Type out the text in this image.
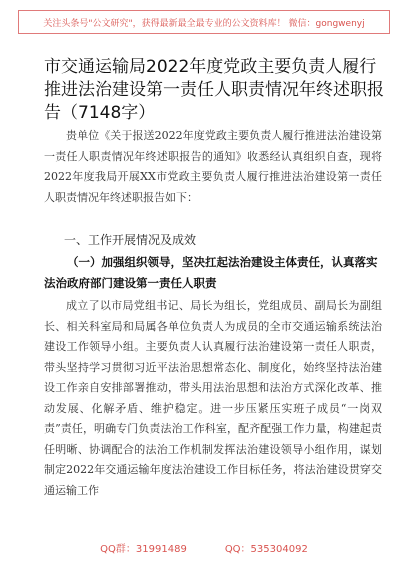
关注头条号"公文研究"，获得最新最全最专业的公文资料库！ 微信：gongwenyj
市交通运输局2022年度党政主要负责人履行推进法治建设第一责任人职责情况年终述职报告（7148字）
贵单位《关于报送2022年度党政主要负责人履行推进法治建设第一责任人职责情况年终述职报告的通知》收悉经认真组织自查，现将2022年度我局开展XX市党政主要负责人履行推进法治建设第一责任人职责情况年终述职报告如下：
一、工作开展情况及成效
（一）加强组织领导，坚决扛起法治建设主体责任，认真落实法治政府部门建设第一责任人职责
成立了以市局党组书记、局长为组长，党组成员、副局长为副组长、相关科室局和局属各单位负责人为成员的全市交通运输系统法治建设工作领导小组。主要负责人认真履行法治建设第一责任人职责，带头坚持学习贯彻习近平法治思想常态化、制度化，始终坚持法治建设工作亲自安排部署推动，带头用法治思想和法治方式深化改革、推动发展、化解矛盾、维护稳定。进一步压紧压实班子成员“一岗双责”责任，明确专门负责法治工作科室，配齐配强工作力量，构建起责任明晰、协调配合的法治工作机制发挥法治建设领导小组作用，谋划制定2022年交通运输年度法治建设工作目标任务，将法治建设贯穿交通运输工作
QQ群：31991489	QQ：535304092
